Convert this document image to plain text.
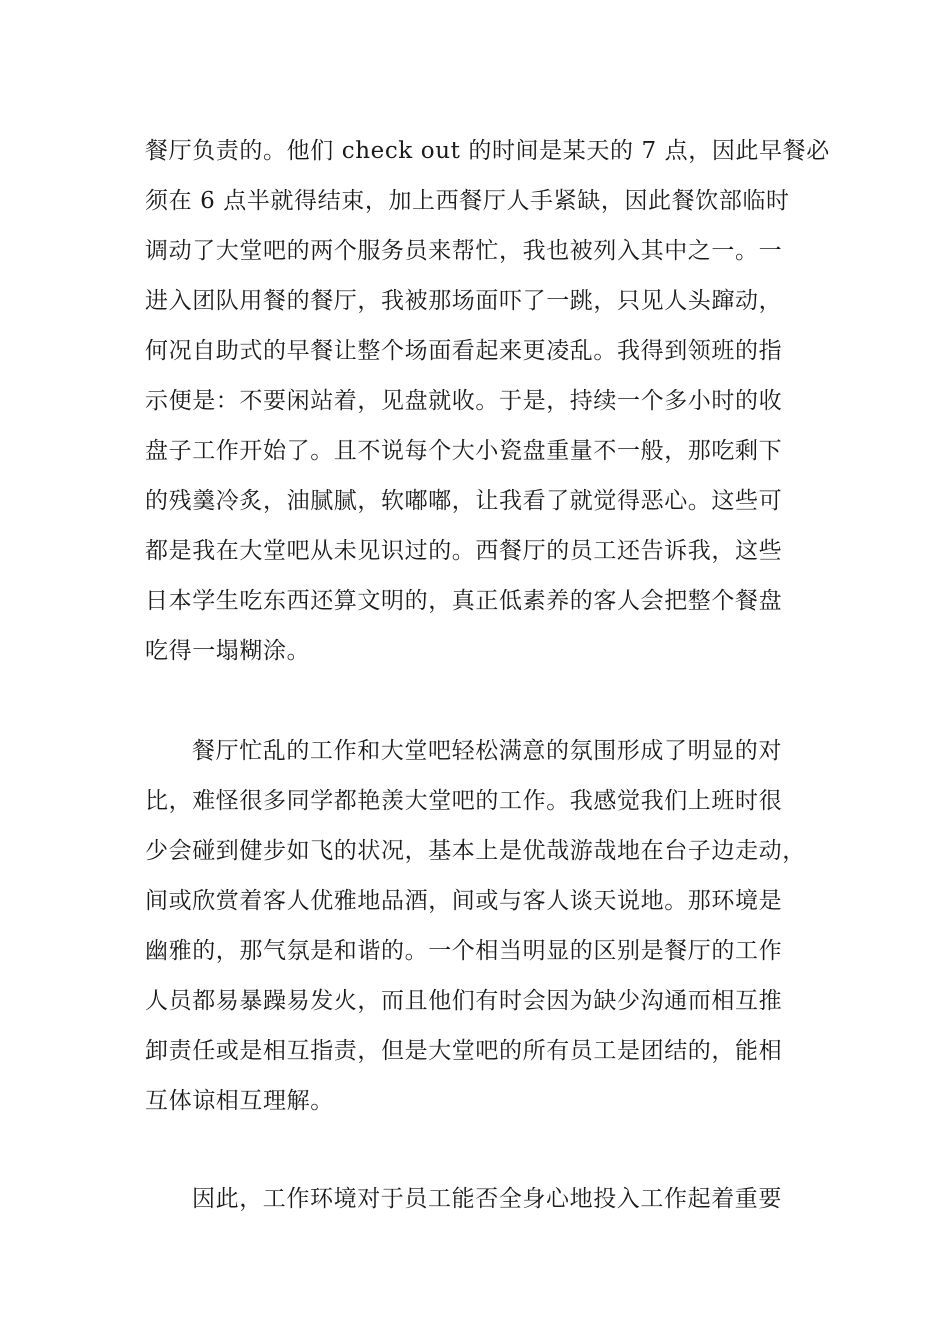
餐厅负责的。他们 check out 的时间是某天的 7 点，因此早餐必
须在 6 点半就得结束，加上西餐厅人手紧缺，因此餐饮部临时
调动了大堂吧的两个服务员来帮忙，我也被列入其中之一。一
进入团队用餐的餐厅，我被那场面吓了一跳，只见人头蹿动，
何况自助式的早餐让整个场面看起来更凌乱。我得到领班的指
示便是：不要闲站着，见盘就收。于是，持续一个多小时的收
盘子工作开始了。且不说每个大小瓷盘重量不一般，那吃剩下
的残羹冷炙，油腻腻，软嘟嘟，让我看了就觉得恶心。这些可
都是我在大堂吧从未见识过的。西餐厅的员工还告诉我，这些
日本学生吃东西还算文明的，真正低素养的客人会把整个餐盘
吃得一塌糊涂。
餐厅忙乱的工作和大堂吧轻松满意的氛围形成了明显的对
比，难怪很多同学都艳羡大堂吧的工作。我感觉我们上班时很
少会碰到健步如飞的状况，基本上是优哉游哉地在台子边走动，
间或欣赏着客人优雅地品酒，间或与客人谈天说地。那环境是
幽雅的，那气氛是和谐的。一个相当明显的区别是餐厅的工作
人员都易暴躁易发火，而且他们有时会因为缺少沟通而相互推
卸责任或是相互指责，但是大堂吧的所有员工是团结的，能相
互体谅相互理解。
因此，工作环境对于员工能否全身心地投入工作起着重要
